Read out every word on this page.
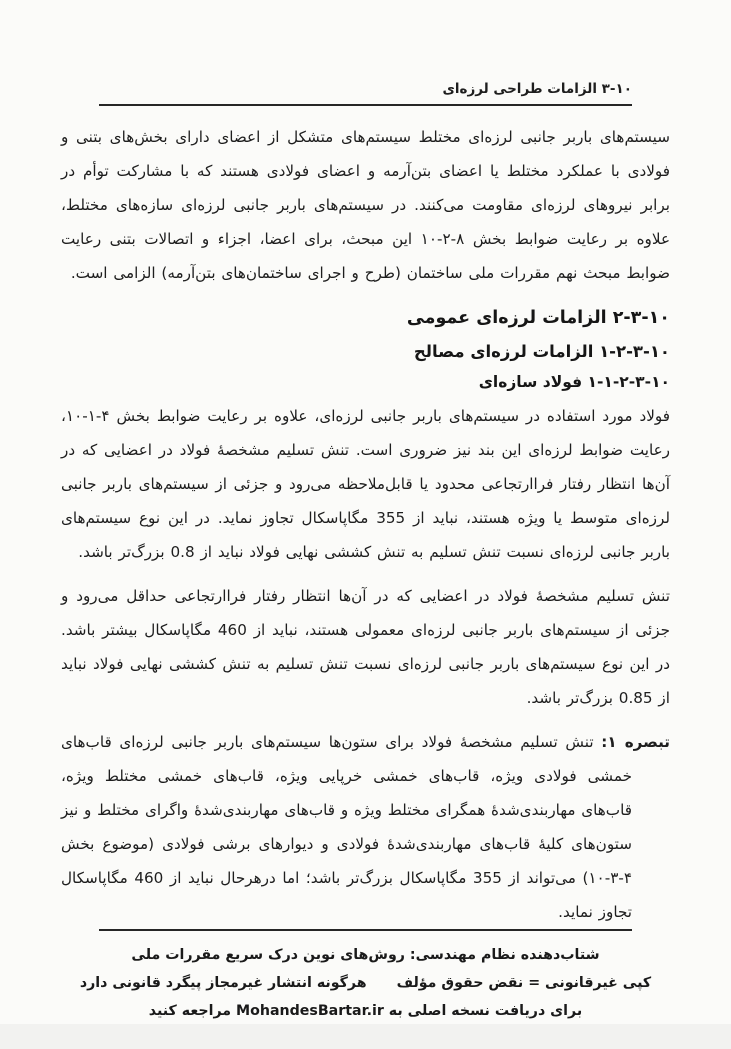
۳-۱۰ الزامات طراحی لرزه‌ای

سیستم‌های باربر جانبی لرزه‌ای مختلط سیستم‌های متشکل از اعضای دارای بخش‌های بتنی و فولادی با عملکرد مختلط یا اعضای بتن‌آرمه و اعضای فولادی هستند که با مشارکت توأم در برابر نیروهای لرزه‌ای مقاومت می‌کنند. در سیستم‌های باربر جانبی لرزه‌ای سازه‌های مختلط، علاوه بر رعایت ضوابط بخش ۸-۲-۱۰ این مبحث، برای اعضا، اجزاء و اتصالات بتنی رعایت ضوابط مبحث نهم مقررات ملی ساختمان (طرح و اجرای ساختمان‌های بتن‌آرمه) الزامی است.

۲-۳-۱۰ الزامات لرزه‌ای عمومی
۱-۲-۳-۱۰ الزامات لرزه‌ای مصالح
۱-۱-۲-۳-۱۰ فولاد سازه‌ای

فولاد مورد استفاده در سیستم‌های باربر جانبی لرزه‌ای، علاوه بر رعایت ضوابط بخش ۴-۱-۱۰، رعایت ضوابط لرزه‌ای این بند نیز ضروری است. تنش تسلیم مشخصهٔ فولاد در اعضایی که در آن‌ها انتظار رفتار فراارتجاعی محدود یا قابل‌ملاحظه می‌رود و جزئی از سیستم‌های باربر جانبی لرزه‌ای متوسط یا ویژه هستند، نباید از 355 مگاپاسکال تجاوز نماید. در این نوع سیستم‌های باربر جانبی لرزه‌ای نسبت تنش تسلیم به تنش کششی نهایی فولاد نباید از 0.8 بزرگ‌تر باشد.

تنش تسلیم مشخصهٔ فولاد در اعضایی که در آن‌ها انتظار رفتار فراارتجاعی حداقل می‌رود و جزئی از سیستم‌های باربر جانبی لرزه‌ای معمولی هستند، نباید از 460 مگاپاسکال بیشتر باشد. در این نوع سیستم‌های باربر جانبی لرزه‌ای نسبت تنش تسلیم به تنش کششی نهایی فولاد نباید از 0.85 بزرگ‌تر باشد.

تبصره ۱: تنش تسلیم مشخصهٔ فولاد برای ستون‌ها سیستم‌های باربر جانبی لرزه‌ای قاب‌های خمشی فولادی ویژه، قاب‌های خمشی خرپایی ویژه، قاب‌های خمشی مختلط ویژه، قاب‌های مهاربندی‌شدهٔ همگرای مختلط ویژه و قاب‌های مهاربندی‌شدهٔ واگرای مختلط و نیز ستون‌های کلیهٔ قاب‌های مهاربندی‌شدهٔ فولادی و دیوارهای برشی فولادی (موضوع بخش ۴-۳-۱۰) می‌تواند از 355 مگاپاسکال بزرگ‌تر باشد؛ اما درهرحال نباید از 460 مگاپاسکال تجاوز نماید.

شتاب‌دهنده نظام مهندسی: روش‌های نوین درک سریع مقررات ملی
کپی غیرقانونی = نقض حقوق مؤلف
هرگونه انتشار غیرمجاز پیگرد قانونی دارد
برای دریافت نسخه اصلی به MohandesBartar.ir مراجعه کنید
